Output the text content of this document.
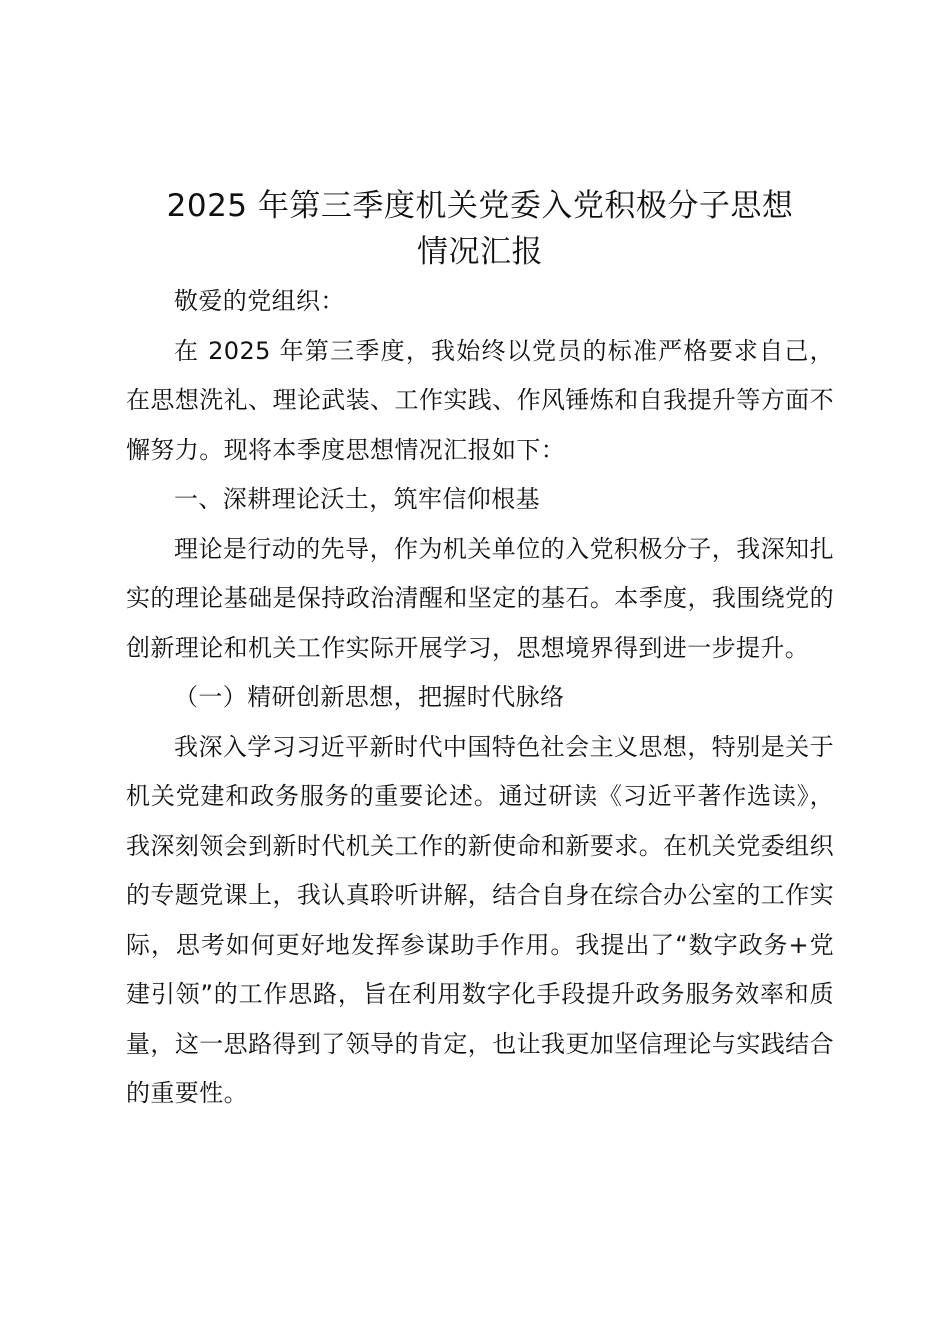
2025 年第三季度机关党委入党积极分子思想
情况汇报

敬爱的党组织：

在 2025 年第三季度，我始终以党员的标准严格要求自己，在思想洗礼、理论武装、工作实践、作风锤炼和自我提升等方面不懈努力。现将本季度思想情况汇报如下：

一、深耕理论沃土，筑牢信仰根基

理论是行动的先导，作为机关单位的入党积极分子，我深知扎实的理论基础是保持政治清醒和坚定的基石。本季度，我围绕党的创新理论和机关工作实际开展学习，思想境界得到进一步提升。

（一）精研创新思想，把握时代脉络

我深入学习习近平新时代中国特色社会主义思想，特别是关于机关党建和政务服务的重要论述。通过研读《习近平著作选读》，我深刻领会到新时代机关工作的新使命和新要求。在机关党委组织的专题党课上，我认真聆听讲解，结合自身在综合办公室的工作实际，思考如何更好地发挥参谋助手作用。我提出了“数字政务+党建引领”的工作思路，旨在利用数字化手段提升政务服务效率和质量，这一思路得到了领导的肯定，也让我更加坚信理论与实践结合的重要性。
